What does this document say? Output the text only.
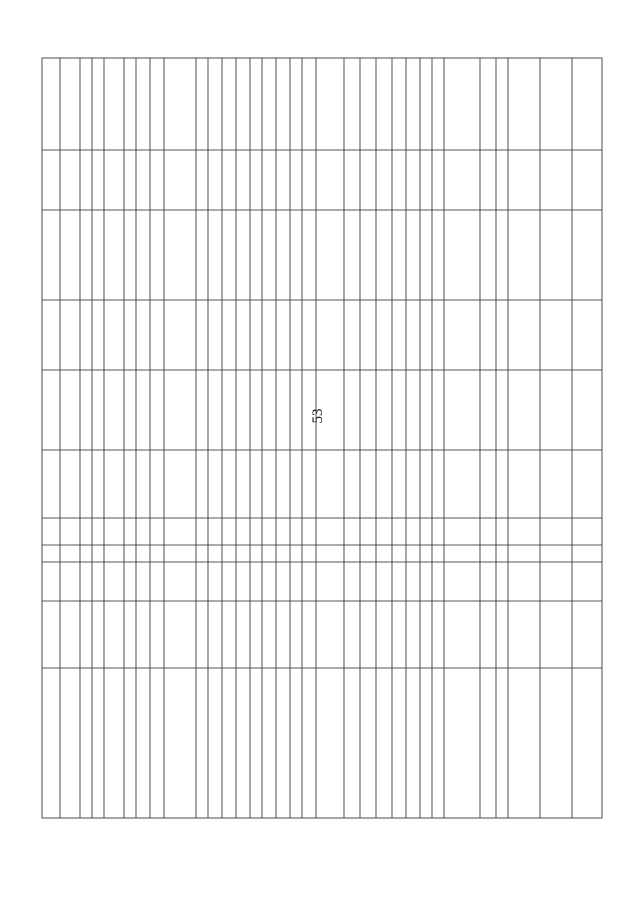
53
